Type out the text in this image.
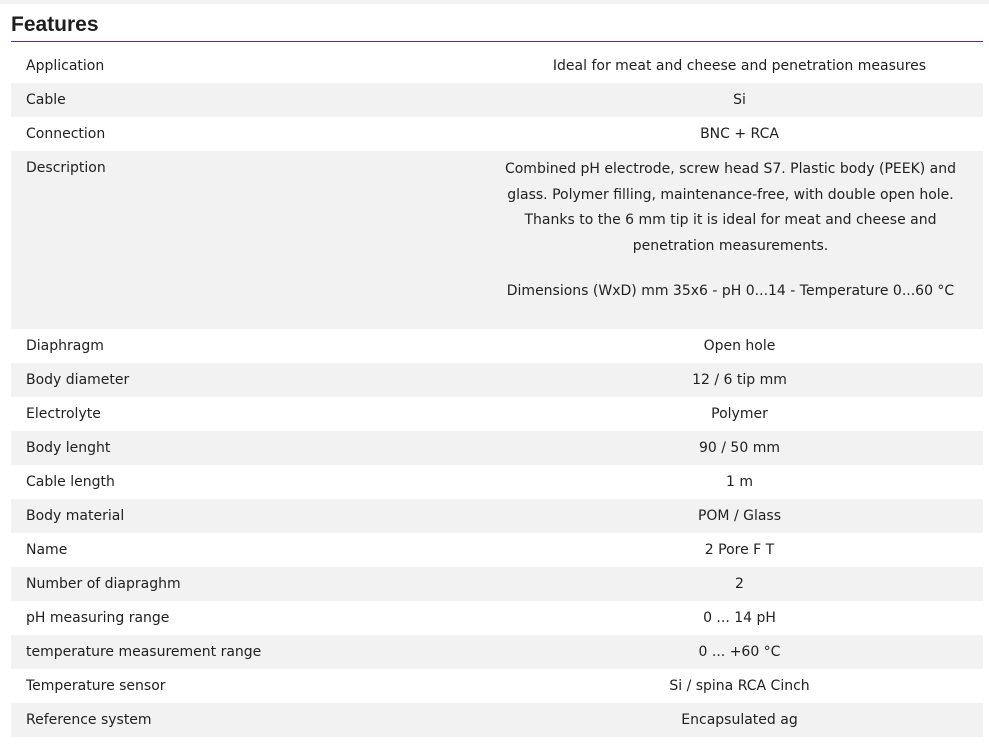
Features
Application	Ideal for meat and cheese and penetration measures
Cable	Si
Connection	BNC + RCA
Description	Combined pH electrode, screw head S7. Plastic body (PEEK) and glass. Polymer filling, maintenance-free, with double open hole. Thanks to the 6 mm tip it is ideal for meat and cheese and penetration measurements.

Dimensions (WxD) mm 35x6 - pH 0...14 - Temperature 0...60 °C

Diaphragm	Open hole
Body diameter	12 / 6 tip mm
Electrolyte	Polymer
Body lenght	90 / 50 mm
Cable length	1 m
Body material	POM / Glass
Name	2 Pore F T
Number of diapraghm	2
pH measuring range	0 ... 14 pH
temperature measurement range	0 ... +60 °C
Temperature sensor	Si / spina RCA Cinch
Reference system	Encapsulated ag
